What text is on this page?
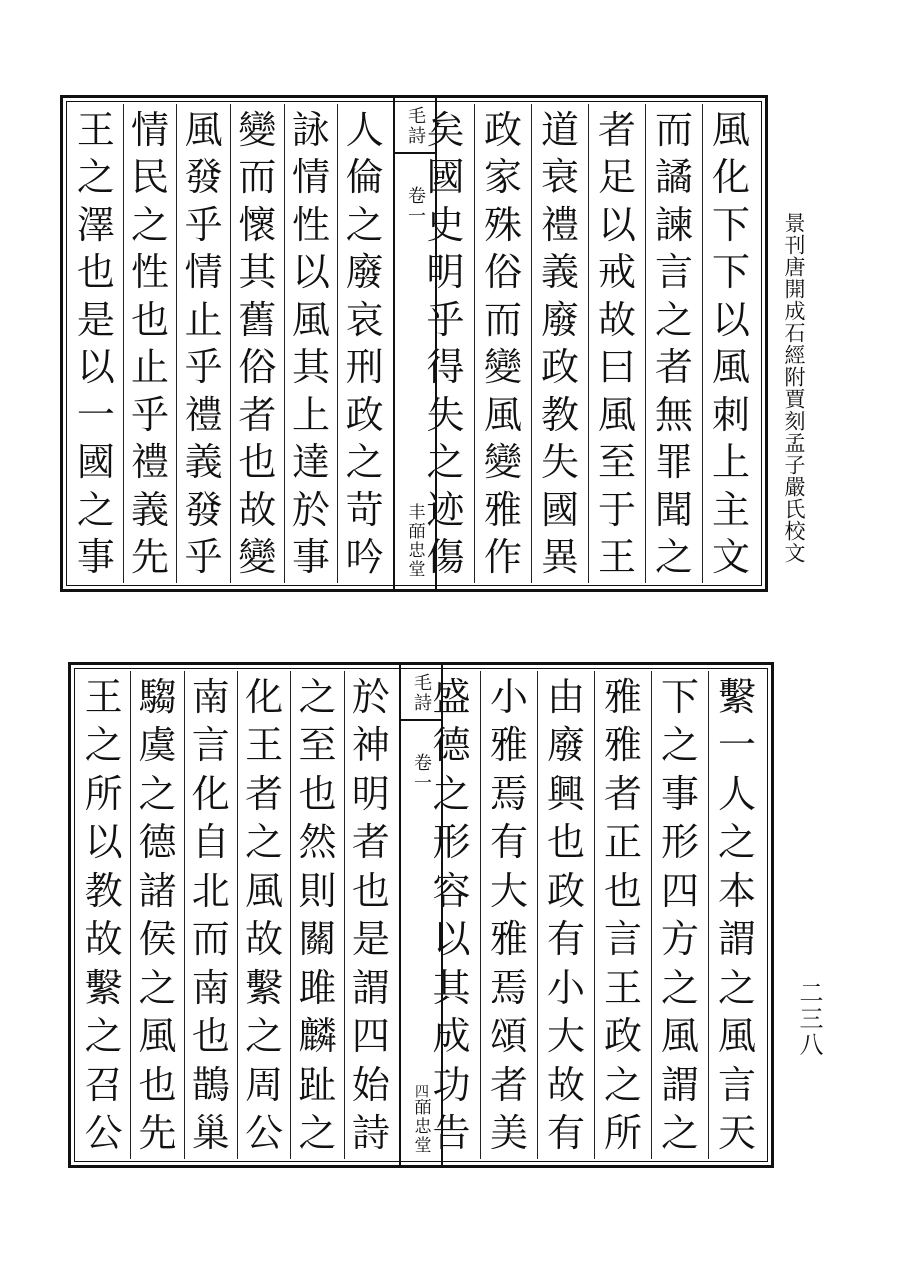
景刊唐開成石經附賈刻孟子嚴氏校文
二三八
風
化
下
下
以
風
刺
上
主
文
而
譎
諫
言
之
者
無
罪
聞
之
者
足
以
戒
故
曰
風
至
于
王
道
衰
禮
義
廢
政
教
失
國
異
政
家
殊
俗
而
變
風
變
雅
作
矣
國
史
明
乎
得
失
之
迹
傷
毛詩
卷一
丰皕忠堂
人
倫
之
廢
哀
刑
政
之
苛
吟
詠
情
性
以
風
其
上
達
於
事
變
而
懷
其
舊
俗
者
也
故
變
風
發
乎
情
止
乎
禮
義
發
乎
情
民
之
性
也
止
乎
禮
義
先
王
之
澤
也
是
以
一
國
之
事
繫
一
人
之
本
謂
之
風
言
天
下
之
事
形
四
方
之
風
謂
之
雅
雅
者
正
也
言
王
政
之
所
由
廢
興
也
政
有
小
大
故
有
小
雅
焉
有
大
雅
焉
頌
者
美
盛
德
之
形
容
以
其
成
功
告
毛詩
卷一
四
皕忠堂
於
神
明
者
也
是
謂
四
始
詩
之
至
也
然
則
關
雎
麟
趾
之
化
王
者
之
風
故
繫
之
周
公
南
言
化
自
北
而
南
也
鵲
巢
騶
虞
之
德
諸
侯
之
風
也
先
王
之
所
以
教
故
繫
之
召
公
